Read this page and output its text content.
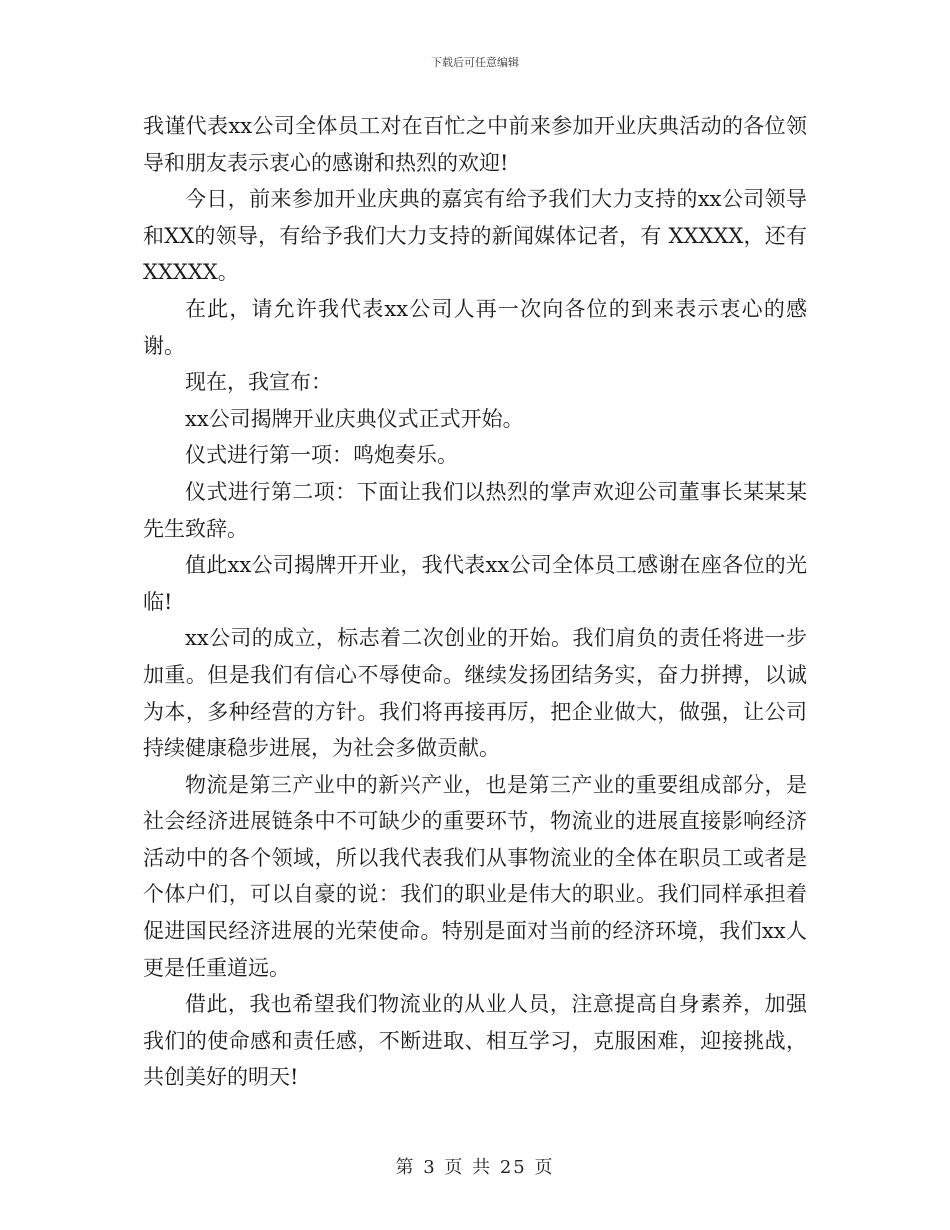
下载后可任意编辑

我谨代表xx公司全体员工对在百忙之中前来参加开业庆典活动的各位领导和朋友表示衷心的感谢和热烈的欢迎!

今日，前来参加开业庆典的嘉宾有给予我们大力支持的xx公司领导和XX的领导，有给予我们大力支持的新闻媒体记者，有 XXXXX，还有XXXXX。

在此，请允许我代表xx公司人再一次向各位的到来表示衷心的感谢。

现在，我宣布：

xx公司揭牌开业庆典仪式正式开始。

仪式进行第一项：鸣炮奏乐。

仪式进行第二项：下面让我们以热烈的掌声欢迎公司董事长某某某先生致辞。

值此xx公司揭牌开开业，我代表xx公司全体员工感谢在座各位的光临!

xx公司的成立，标志着二次创业的开始。我们肩负的责任将进一步加重。但是我们有信心不辱使命。继续发扬团结务实，奋力拼搏，以诚为本，多种经营的方针。我们将再接再厉，把企业做大，做强，让公司持续健康稳步进展，为社会多做贡献。

物流是第三产业中的新兴产业，也是第三产业的重要组成部分，是社会经济进展链条中不可缺少的重要环节，物流业的进展直接影响经济活动中的各个领域，所以我代表我们从事物流业的全体在职员工或者是个体户们，可以自豪的说：我们的职业是伟大的职业。我们同样承担着促进国民经济进展的光荣使命。特别是面对当前的经济环境，我们xx人更是任重道远。

借此，我也希望我们物流业的从业人员，注意提高自身素养，加强我们的使命感和责任感，不断进取、相互学习，克服困难，迎接挑战，共创美好的明天!

第 3 页 共 25 页
